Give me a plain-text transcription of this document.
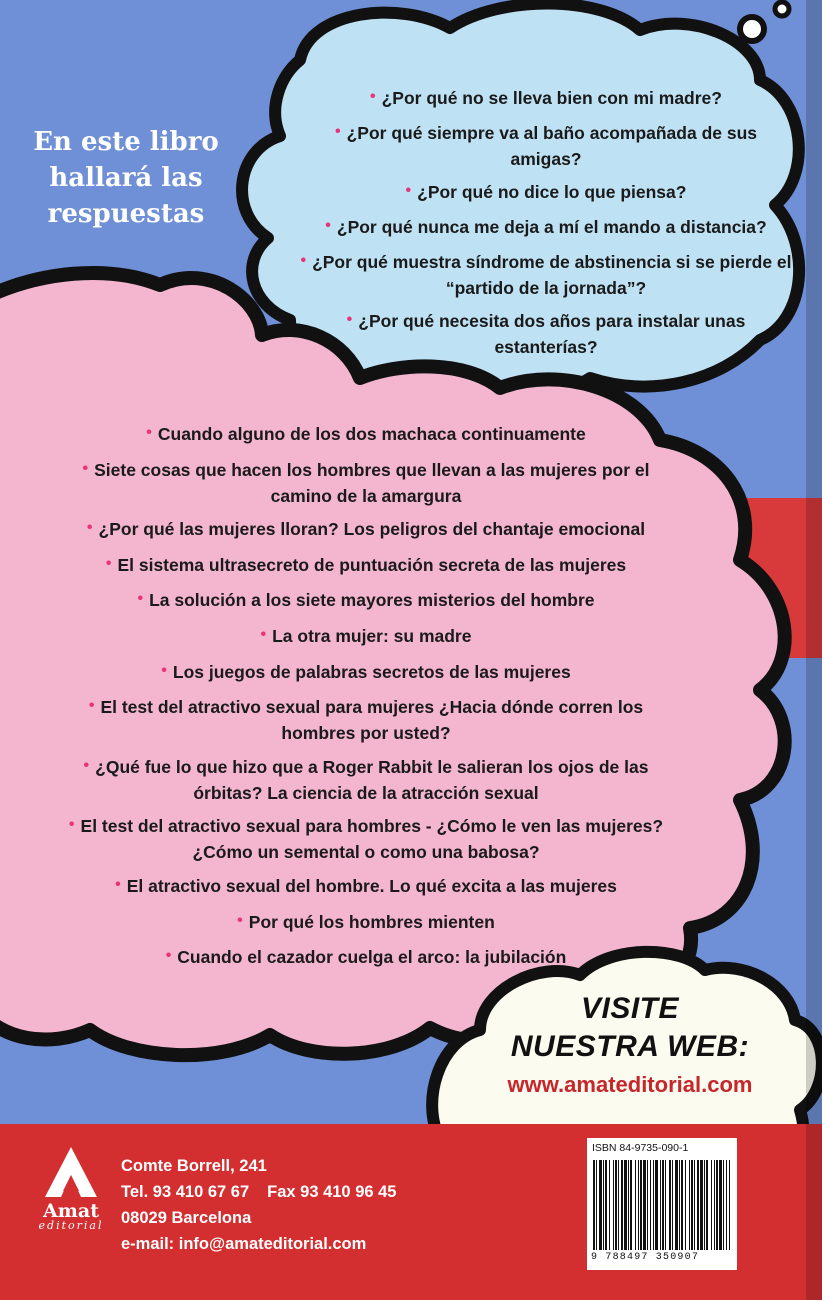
En este libro
hallará las
respuestas
• ¿Por qué no se lleva bien con mi madre?
• ¿Por qué siempre va al baño acompañada de sus amigas?
• ¿Por qué no dice lo que piensa?
• ¿Por qué nunca me deja a mí el mando a distancia?
• ¿Por qué muestra síndrome de abstinencia si se pierde el “partido de la jornada”?
• ¿Por qué necesita dos años para instalar unas estanterías?
• Cuando alguno de los dos machaca continuamente
• Siete cosas que hacen los hombres que llevan a las mujeres por el camino de la amargura
• ¿Por qué las mujeres lloran? Los peligros del chantaje emocional
• El sistema ultrasecreto de puntuación secreta de las mujeres
• La solución a los siete mayores misterios del hombre
• La otra mujer: su madre
• Los juegos de palabras secretos de las mujeres
• El test del atractivo sexual para mujeres ¿Hacia dónde corren los hombres por usted?
• ¿Qué fue lo que hizo que a Roger Rabbit le salieran los ojos de las órbitas? La ciencia de la atracción sexual
• El test del atractivo sexual para hombres - ¿Cómo le ven las mujeres? ¿Cómo un semental o como una babosa?
• El atractivo sexual del hombre. Lo qué excita a las mujeres
• Por qué los hombres mienten
• Cuando el cazador cuelga el arco: la jubilación
VISITE
NUESTRA WEB:
www.amateditorial.com
Amat
editorial
Comte Borrell, 241
Tel. 93 410 67 67 Fax 93 410 96 45
08029 Barcelona
e-mail: info@amateditorial.com
ISBN 84-9735-090-1
9 788497 350907
